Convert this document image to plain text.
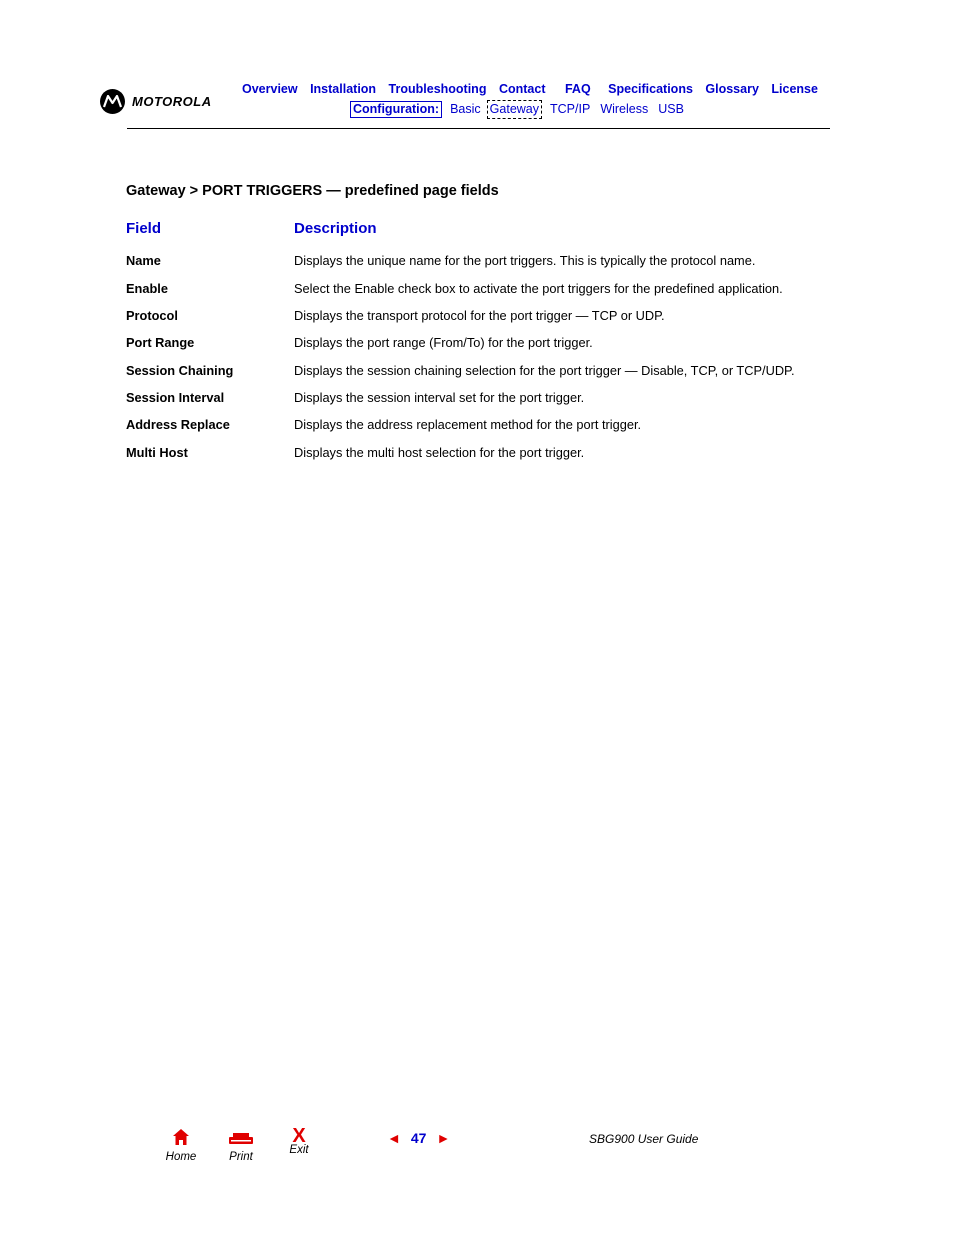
MOTOROLA
Overview Installation Troubleshooting Contact FAQ Specifications Glossary License
Configuration: Basic Gateway TCP/IP Wireless USB
Gateway > PORT TRIGGERS — predefined page fields
Field	Description
Name	Displays the unique name for the port triggers. This is typically the protocol name.
Enable	Select the Enable check box to activate the port triggers for the predefined application.
Protocol	Displays the transport protocol for the port trigger — TCP or UDP.
Port Range	Displays the port range (From/To) for the port trigger.
Session Chaining	Displays the session chaining selection for the port trigger — Disable, TCP, or TCP/UDP.
Session Interval	Displays the session interval set for the port trigger.
Address Replace	Displays the address replacement method for the port trigger.
Multi Host	Displays the multi host selection for the port trigger.
Home	Print
X
Exit
◄ 47 ►	SBG900 User Guide
